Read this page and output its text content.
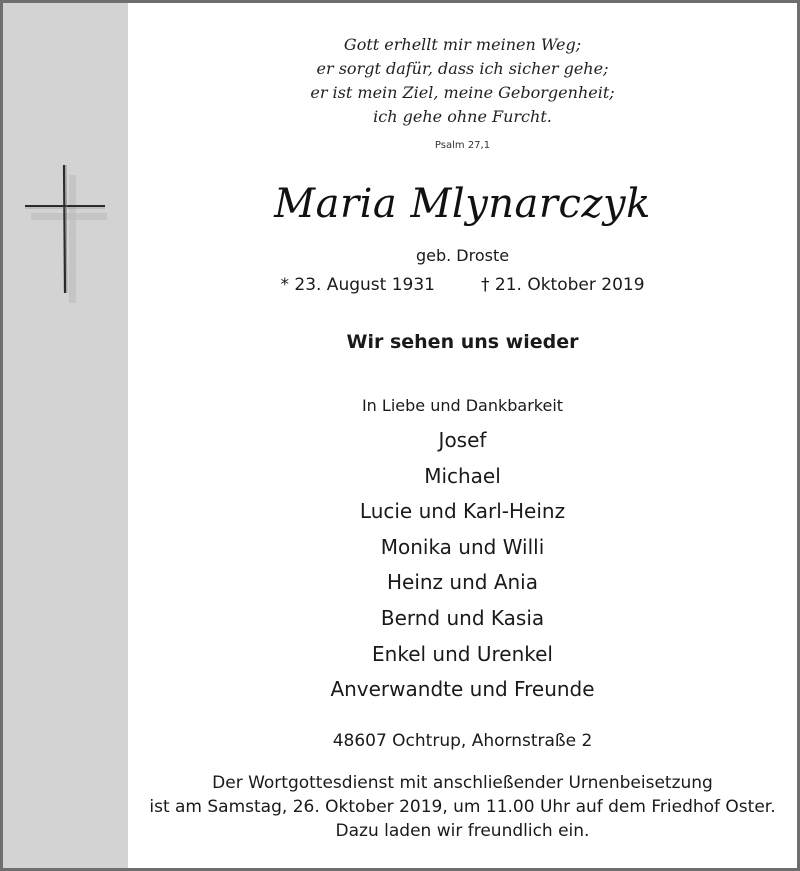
Gott erhellt mir meinen Weg;
er sorgt dafür, dass ich sicher gehe;
er ist mein Ziel, meine Geborgenheit;
ich gehe ohne Furcht.
Psalm 27,1
Maria Mlynarczyk
geb. Droste
* 23. August 1931	† 21. Oktober 2019
Wir sehen uns wieder
In Liebe und Dankbarkeit
Josef
Michael
Lucie und Karl-Heinz
Monika und Willi
Heinz und Ania
Bernd und Kasia
Enkel und Urenkel
Anverwandte und Freunde
48607 Ochtrup, Ahornstraße 2
Der Wortgottesdienst mit anschließender Urnenbeisetzung
ist am Samstag, 26. Oktober 2019, um 11.00 Uhr auf dem Friedhof Oster.
Dazu laden wir freundlich ein.
